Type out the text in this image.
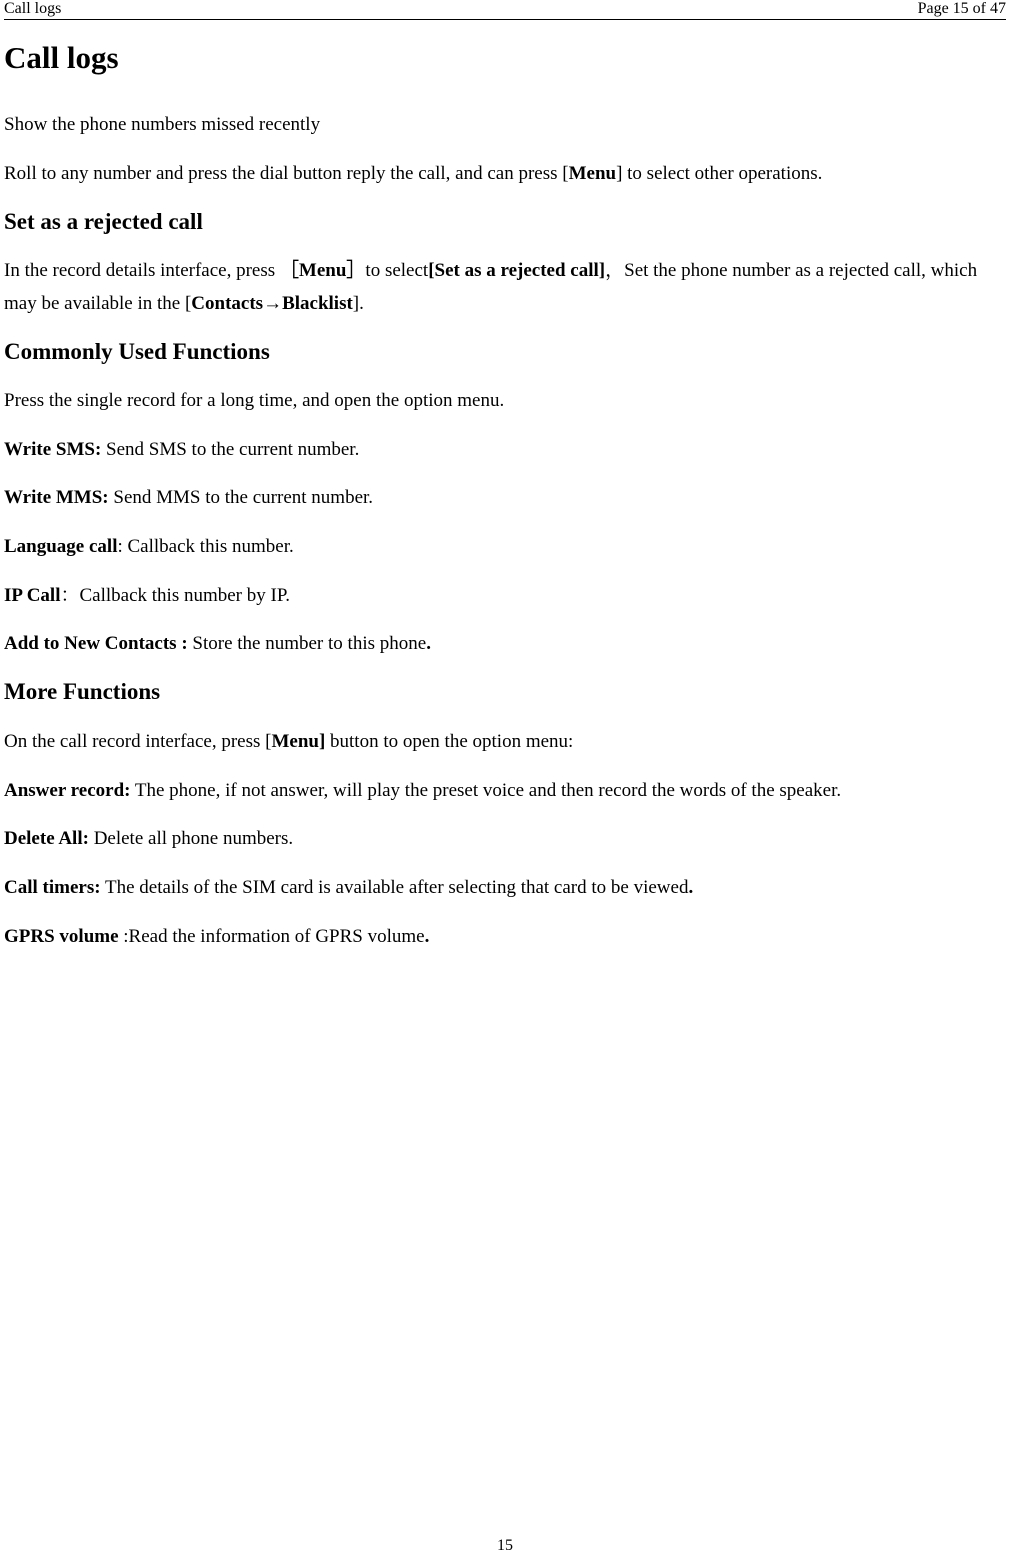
Call logs	Page 15 of 47
Call logs
Show the phone numbers missed recently
Roll to any number and press the dial button reply the call, and can press [Menu] to select other operations.
Set as a rejected call
In the record details interface, press ［Menu］to select[Set as a rejected call]，Set the phone number as a rejected call, which may be available in the [Contacts→Blacklist].
Commonly Used Functions
Press the single record for a long time, and open the option menu.
Write SMS: Send SMS to the current number.
Write MMS: Send MMS to the current number.
Language call: Callback this number.
IP Call：Callback this number by IP.
Add to New Contacts : Store the number to this phone.
More Functions
On the call record interface, press [Menu] button to open the option menu:
Answer record: The phone, if not answer, will play the preset voice and then record the words of the speaker.
Delete All: Delete all phone numbers.
Call timers: The details of the SIM card is available after selecting that card to be viewed.
GPRS volume :Read the information of GPRS volume.
15
